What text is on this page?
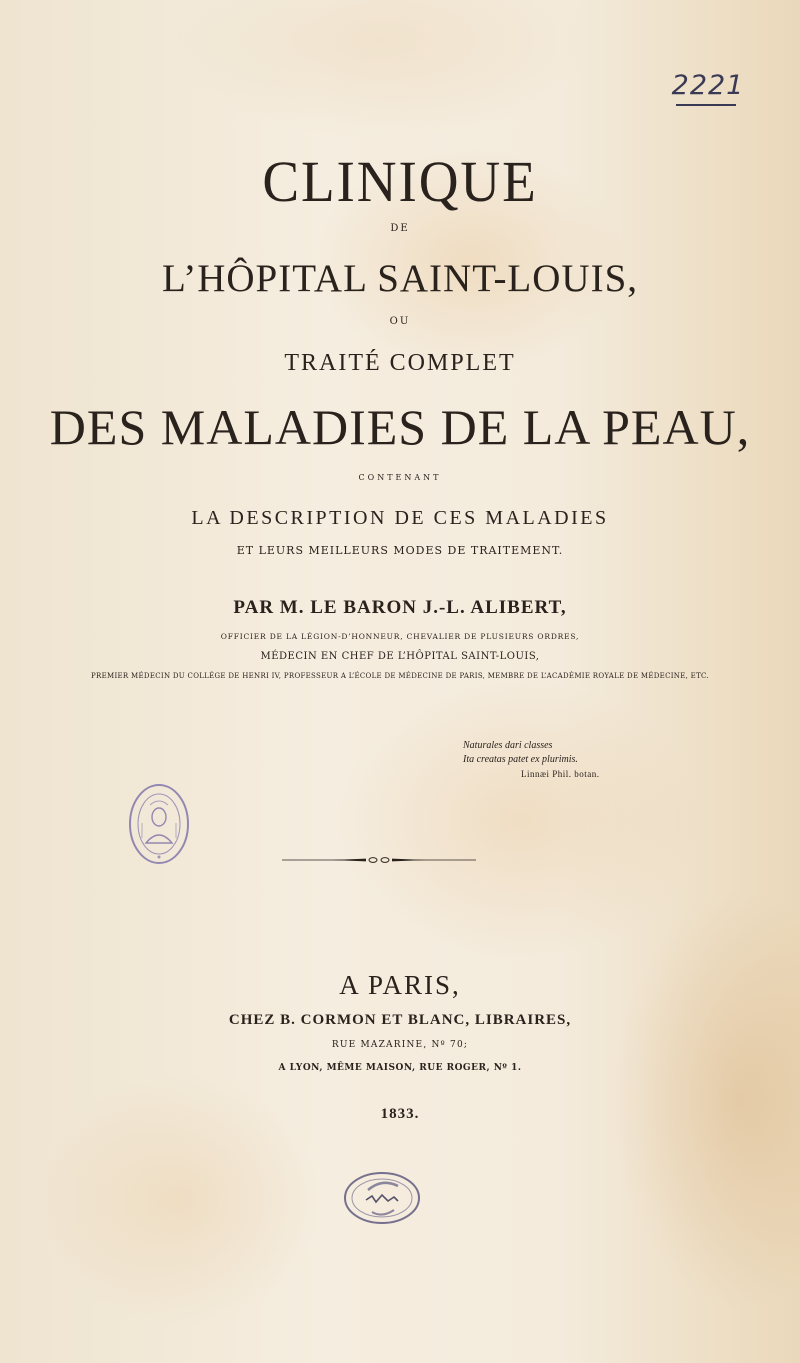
2221
CLINIQUE
DE
L’HÔPITAL SAINT-LOUIS,
OU
TRAITÉ COMPLET
DES MALADIES DE LA PEAU,
CONTENANT
LA DESCRIPTION DE CES MALADIES
ET LEURS MEILLEURS MODES DE TRAITEMENT.
PAR M. LE BARON J.-L. ALIBERT,
OFFICIER DE LA LÉGION-D’HONNEUR, CHEVALIER DE PLUSIEURS ORDRES,
MÉDECIN EN CHEF DE L’HÔPITAL SAINT-LOUIS,
PREMIER MÉDECIN DU COLLÉGE DE HENRI IV, PROFESSEUR A L’ÉCOLE DE MÉDECINE DE PARIS, MEMBRE DE L’ACADÉMIE ROYALE DE MÉDECINE, ETC.
Naturales dari classes
Ita creatas patet ex plurimis.
Linnæi Phil. botan.
A PARIS,
CHEZ B. CORMON ET BLANC, LIBRAIRES,
RUE MAZARINE, Nº 70;
A LYON, MÊME MAISON, RUE ROGER, Nº 1.
1833.
